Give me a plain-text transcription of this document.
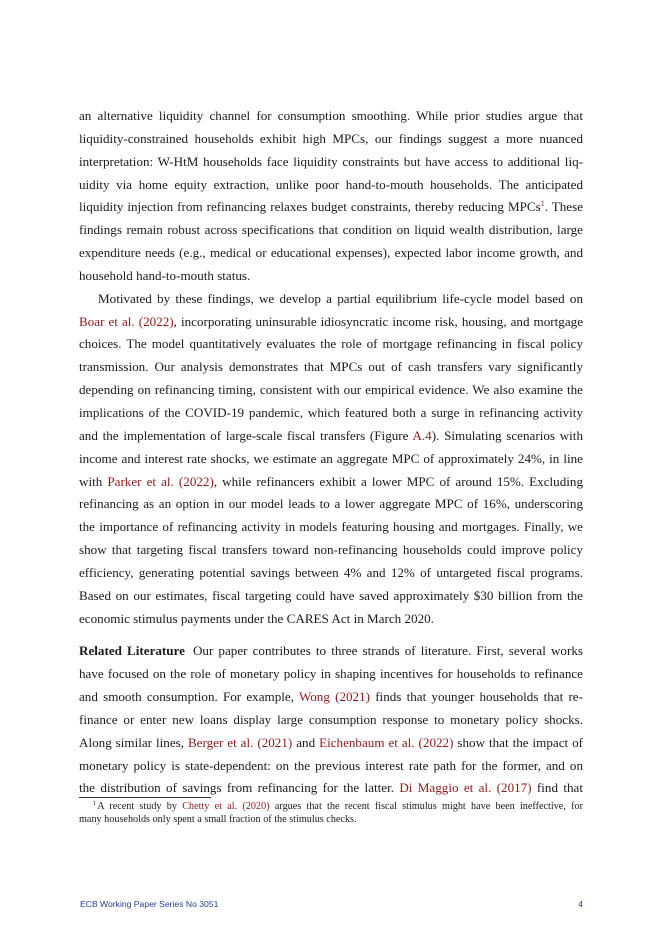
an alternative liquidity channel for consumption smoothing. While prior studies argue that
liquidity-constrained households exhibit high MPCs, our findings suggest a more nuanced
interpretation: W-HtM households face liquidity constraints but have access to additional liq-
uidity via home equity extraction, unlike poor hand-to-mouth households. The anticipated
liquidity injection from refinancing relaxes budget constraints, thereby reducing MPCs$^1$. These
findings remain robust across specifications that condition on liquid wealth distribution, large
expenditure needs (e.g., medical or educational expenses), expected labor income growth, and
household hand-to-mouth status.

Motivated by these findings, we develop a partial equilibrium life-cycle model based on
Boar et al. (2022), incorporating uninsurable idiosyncratic income risk, housing, and mortgage
choices. The model quantitatively evaluates the role of mortgage refinancing in fiscal policy
transmission. Our analysis demonstrates that MPCs out of cash transfers vary significantly
depending on refinancing timing, consistent with our empirical evidence. We also examine the
implications of the COVID-19 pandemic, which featured both a surge in refinancing activity
and the implementation of large-scale fiscal transfers (Figure A.4). Simulating scenarios with
income and interest rate shocks, we estimate an aggregate MPC of approximately 24%, in line
with Parker et al. (2022), while refinancers exhibit a lower MPC of around 15%. Excluding
refinancing as an option in our model leads to a lower aggregate MPC of 16%, underscoring
the importance of refinancing activity in models featuring housing and mortgages. Finally, we
show that targeting fiscal transfers toward non-refinancing households could improve policy
efficiency, generating potential savings between 4% and 12% of untargeted fiscal programs.
Based on our estimates, fiscal targeting could have saved approximately $30 billion from the
economic stimulus payments under the CARES Act in March 2020.

Related Literature Our paper contributes to three strands of literature. First, several works
have focused on the role of monetary policy in shaping incentives for households to refinance
and smooth consumption. For example, Wong (2021) finds that younger households that re-
finance or enter new loans display large consumption response to monetary policy shocks.
Along similar lines, Berger et al. (2021) and Eichenbaum et al. (2022) show that the impact of
monetary policy is state-dependent: on the previous interest rate path for the former, and on
the distribution of savings from refinancing for the latter. Di Maggio et al. (2017) find that

$^1$A recent study by Chetty et al. (2020) argues that the recent fiscal stimulus might have been ineffective, for
many households only spent a small fraction of the stimulus checks.
ECB Working Paper Series No 3051	4
